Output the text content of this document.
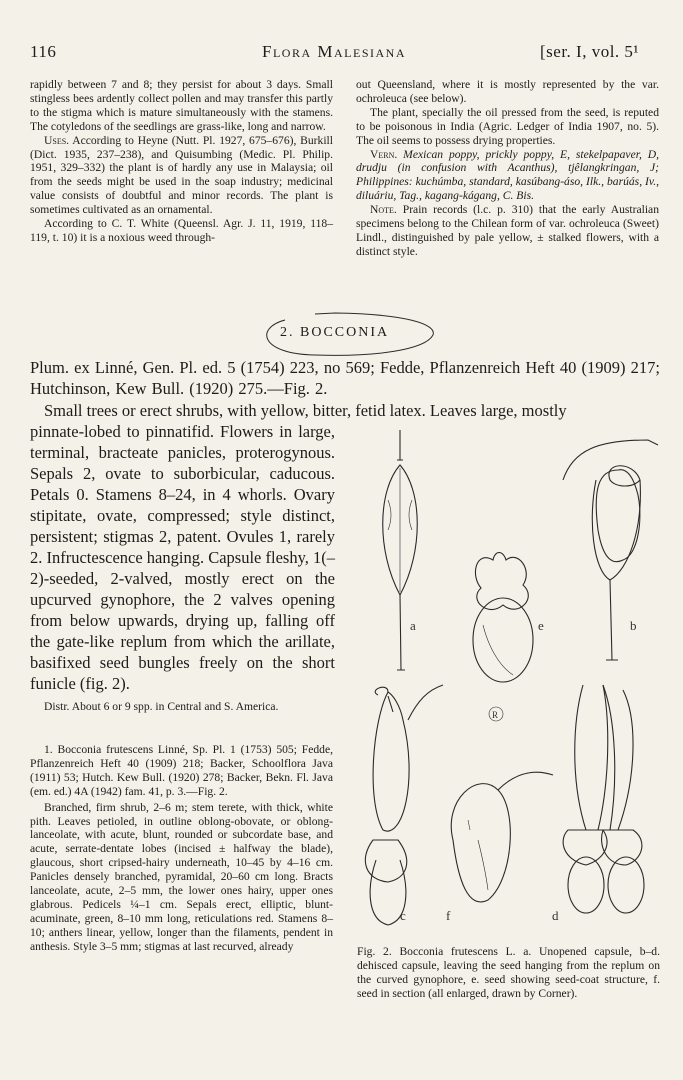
116	Flora Malesiana	[ser. I, vol. 5¹

rapidly between 7 and 8; they persist for about 3 days. Small stingless bees ardently collect pollen and may transfer this partly to the stigma which is mature simultaneously with the stamens. The cotyledons of the seedlings are grass-like, long and narrow.

Uses. According to Heyne (Nutt. Pl. 1927, 675–676), Burkill (Dict. 1935, 237–238), and Quisumbing (Medic. Pl. Philip. 1951, 329–332) the plant is of hardly any use in Malaysia; oil from the seeds might be used in the soap industry; medicinal value consists of doubtful and minor records. The plant is sometimes cultivated as an ornamental.

According to C. T. White (Queensl. Agr. J. 11, 1919, 118–119, t. 10) it is a noxious weed through-

out Queensland, where it is mostly represented by the var. ochroleuca (see below).

The plant, specially the oil pressed from the seed, is reputed to be poisonous in India (Agric. Ledger of India 1907, no. 5). The oil seems to possess drying properties.

Vern. Mexican poppy, prickly poppy, E, stekelpapaver, D, drudju (in confusion with Acanthus), tjêlangkringan, J; Philippines: kuchúmba, standard, kasúbang-áso, Ilk., barúás, Iv., diluáriu, Tag., kagang-kágang, C. Bis.

Note. Prain records (l.c. p. 310) that the early Australian specimens belong to the Chilean form of var. ochroleuca (Sweet) Lindl., distinguished by pale yellow, ± stalked flowers, with a distinct style.

2. BOCCONIA
Plum. ex Linné, Gen. Pl. ed. 5 (1754) 223, no 569; Fedde, Pflanzenreich Heft 40 (1909) 217; Hutchinson, Kew Bull. (1920) 275.—Fig. 2.
Small trees or erect shrubs, with yellow, bitter, fetid latex. Leaves large, mostly
pinnate-lobed to pinnatifid. Flowers in large, terminal, bracteate panicles, proterogynous. Sepals 2, ovate to suborbicular, caducous. Petals 0. Stamens 8–24, in 4 whorls. Ovary stipitate, ovate, compressed; style distinct, persistent; stigmas 2, patent. Ovules 1, rarely 2. Infructescence hanging. Capsule fleshy, 1(–2)-seeded, 2-valved, mostly erect on the upcurved gynophore, the 2 valves opening from below upwards, drying up, falling off the gate-like replum from which the arillate, basifixed seed bungles freely on the short funicle (fig. 2).
Distr. About 6 or 9 spp. in Central and S. America.

1. Bocconia frutescens Linné, Sp. Pl. 1 (1753) 505; Fedde, Pflanzenreich Heft 40 (1909) 218; Backer, Schoolflora Java (1911) 53; Hutch. Kew Bull. (1920) 278; Backer, Bekn. Fl. Java (em. ed.) 4A (1942) fam. 41, p. 3.—Fig. 2.

Branched, firm shrub, 2–6 m; stem terete, with thick, white pith. Leaves petioled, in outline oblong-obovate, or oblong-lanceolate, with acute, blunt, rounded or subcordate base, and acute, serrate-dentate lobes (incised ± halfway the blade), glaucous, short cripsed-hairy underneath, 10–45 by 4–16 cm. Panicles densely branched, pyramidal, 20–60 cm long. Bracts lanceolate, acute, 2–5 mm, the lower ones hairy, upper ones glabrous. Pedicels ¼–1 cm. Sepals erect, elliptic, blunt-acuminate, green, 8–10 mm long, reticulations red. Stamens 8–10; anthers linear, yellow, longer than the filaments, pendent in anthesis. Style 3–5 mm; stigmas at last recurved, already

a	e	b
R
c	f	d
Fig. 2. Bocconia frutescens L. a. Unopened capsule, b–d. dehisced capsule, leaving the seed hanging from the replum on the curved gynophore, e. seed showing seed-coat structure, f. seed in section (all enlarged, drawn by Corner).
